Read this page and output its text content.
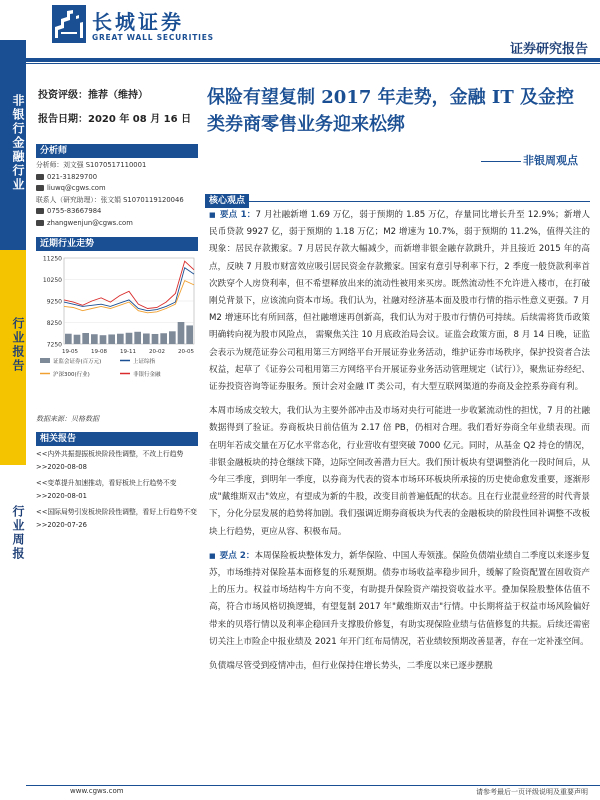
非银行金融行业
行业报告
行业周报
长城证券
GREAT WALL SECURITIES
证券研究报告
投资评级：推荐（维持）
报告日期：2020 年 08 月 16 日
分析师
分析师：刘文强 S1070517110001
021-31829700
liuwq@cgws.com
联系人（研究助理）：张文娟 S1070119120046
0755-83667984
zhangwenjun@cgws.com
近期行业走势
11250
10250
9250
8250
7250
19-05 19-08 19-11 20-02 20-05
证监会证券(百万元)	上证综指
沪深300(行业)	非银行金融
数据来源：贝格数据
相关报告
<<内外共振提振板块阶段性调整，不改上行趋势>>2020-08-08
<<变革提升加速推动，看好板块上行趋势不变>>2020-08-01
<<国际局势引发板块阶段性调整，看好上行趋势不变>>2020-07-26
保险有望复制 2017 年走势，金融 IT 及金控类券商零售业务迎来松绑
非银周观点
核心观点

■ 要点 1：7 月社融新增 1.69 万亿，弱于预期的 1.85 万亿，存量同比增长升至 12.9%；新增人民币贷款 9927 亿，弱于预期的 1.18 万亿；M2 增速为 10.7%，弱于预期的 11.2%，值得关注的现象：居民存款搬家。7 月居民存款大幅减少，而新增非银金融存款跳升，并且接近 2015 年的高点，反映 7 月股市财富效应吸引居民资金存款搬家。国家有意引导利率下行，2 季度一般贷款利率首次跌穿个人房贷利率，但不希望释放出来的流动性被用来买房。既然流动性不允许进入楼市，在打破刚兑背景下，应该流向资本市场。我们认为，社融对经济基本面及股市行情的指示性意义更强。7 月 M2 增速环比有所回落，但社融增速再创新高，我们认为对于股市行情仍可持续。后续需将货币政策明确转向视为股市风险点， 需聚焦关注 10 月底政治局会议。证监会政策方面，8 月 14 日晚，证监会表示为规范证券公司租用第三方网络平台开展证券业务活动，维护证券市场秩序，保护投资者合法权益，起草了《证券公司租用第三方网络平台开展证券业务活动管理规定（试行）》，聚焦证券经纪、证券投资咨询等证券服务。预计会对金融 IT 类公司，有大型互联网渠道的券商及金控系券商有利。

本周市场成交较大，我们认为主要外部冲击及市场对央行可能进一步收紧流动性的担忧，7 月的社融数据得到了验证。券商板块日前估值为 2.17 倍 PB，仍相对合理。我们看好券商全年业绩表现。而在明年若成交量在万亿水平常态化，行业营收有望突破 7000 亿元。同时，从基金 Q2 持仓的情况，非银金融板块的持仓继续下降，边际空间改善潜力巨大。我们预计板块有望调整消化一段时间后，从今年三季度，到明年一季度，以券商为代表的资本市场环环板块所承接的历史使命愈发重要，逐渐形成"戴维斯双击"效应，有望成为新的牛股，改变目前普遍低配的状态。且在行业混业经营的时代背景下，分化分层发展的趋势将加剧。我们强调近期券商板块为代表的金融板块的阶段性回补调整不改板块上行趋势，更应从容、积极布局。

■ 要点 2：本周保险板块整体发力，新华保险、中国人寿领涨。保险负债端业绩自二季度以来逐步复苏，市场维持对保险基本面修复的乐观预期。债券市场收益率稳步回升，缓解了险资配置在固收资产上的压力。权益市场结构牛方向不变，有助提升保险资产端投资收益水平。叠加保险股整体估值不高，符合市场风格切换逻辑，有望复制 2017 年"戴维斯双击"行情。中长期将益于权益市场风险偏好带来的贝塔行情以及利率企稳回升支撑股价修复，有助实现保险业绩与估值修复的共振。后续还需密切关注上市险企中报业绩及 2021 年开门红布局情况，若业绩较预期改善显著，存在一定补涨空间。

负债端尽管受到疫情冲击，但行业保持住增长势头，二季度以来已逐步摆脱

www.cgws.com	请参考最后一页评级说明及重要声明
